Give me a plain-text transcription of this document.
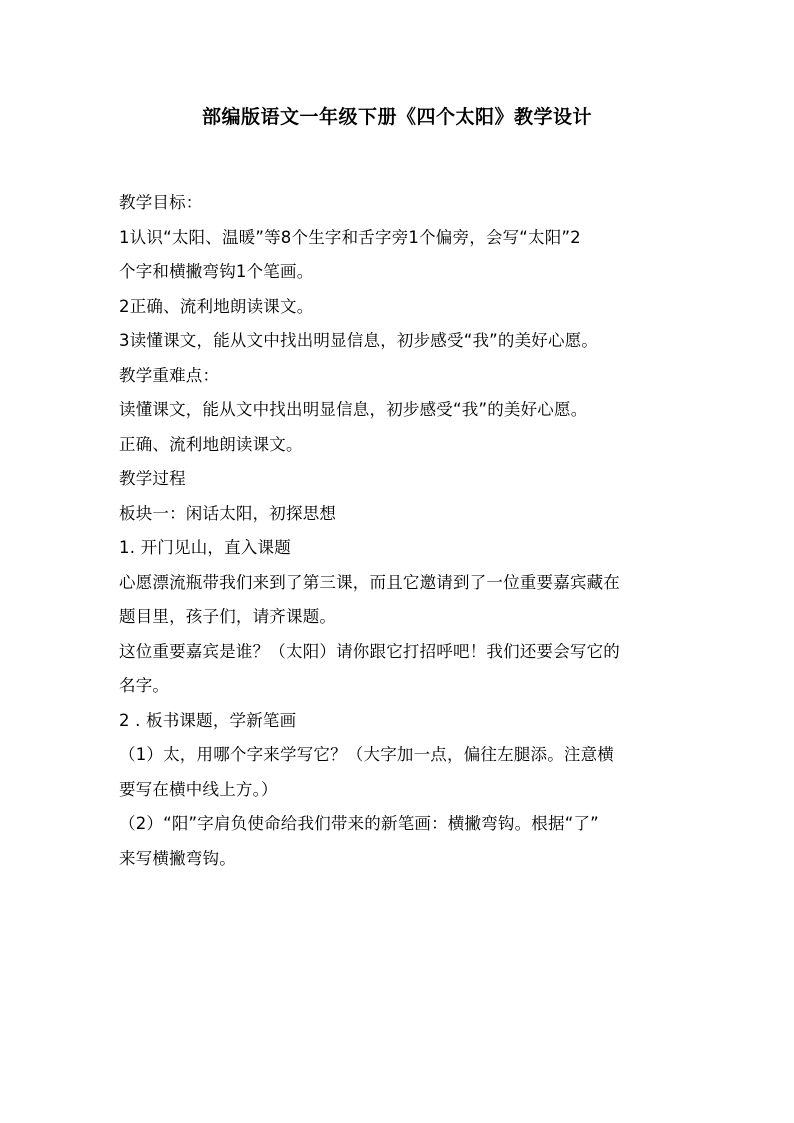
部编版语文一年级下册《四个太阳》教学设计
教学目标：
1认识“太阳、温暖”等8个生字和舌字旁1个偏旁，会写“太阳”2
个字和横撇弯钩1个笔画。
2正确、流利地朗读课文。
3读懂课文，能从文中找出明显信息，初步感受“我”的美好心愿。
教学重难点：
读懂课文，能从文中找出明显信息，初步感受“我”的美好心愿。
正确、流利地朗读课文。
教学过程
板块一：闲话太阳，初探思想
1. 开门见山，直入课题
心愿漂流瓶带我们来到了第三课，而且它邀请到了一位重要嘉宾藏在
题目里，孩子们，请齐课题。
这位重要嘉宾是谁？（太阳）请你跟它打招呼吧！我们还要会写它的
名字。
2 . 板书课题，学新笔画
（1）太，用哪个字来学写它？（大字加一点，偏往左腿添。注意横
要写在横中线上方。）
（2）“阳”字肩负使命给我们带来的新笔画：横撇弯钩。根据“了”
来写横撇弯钩。
